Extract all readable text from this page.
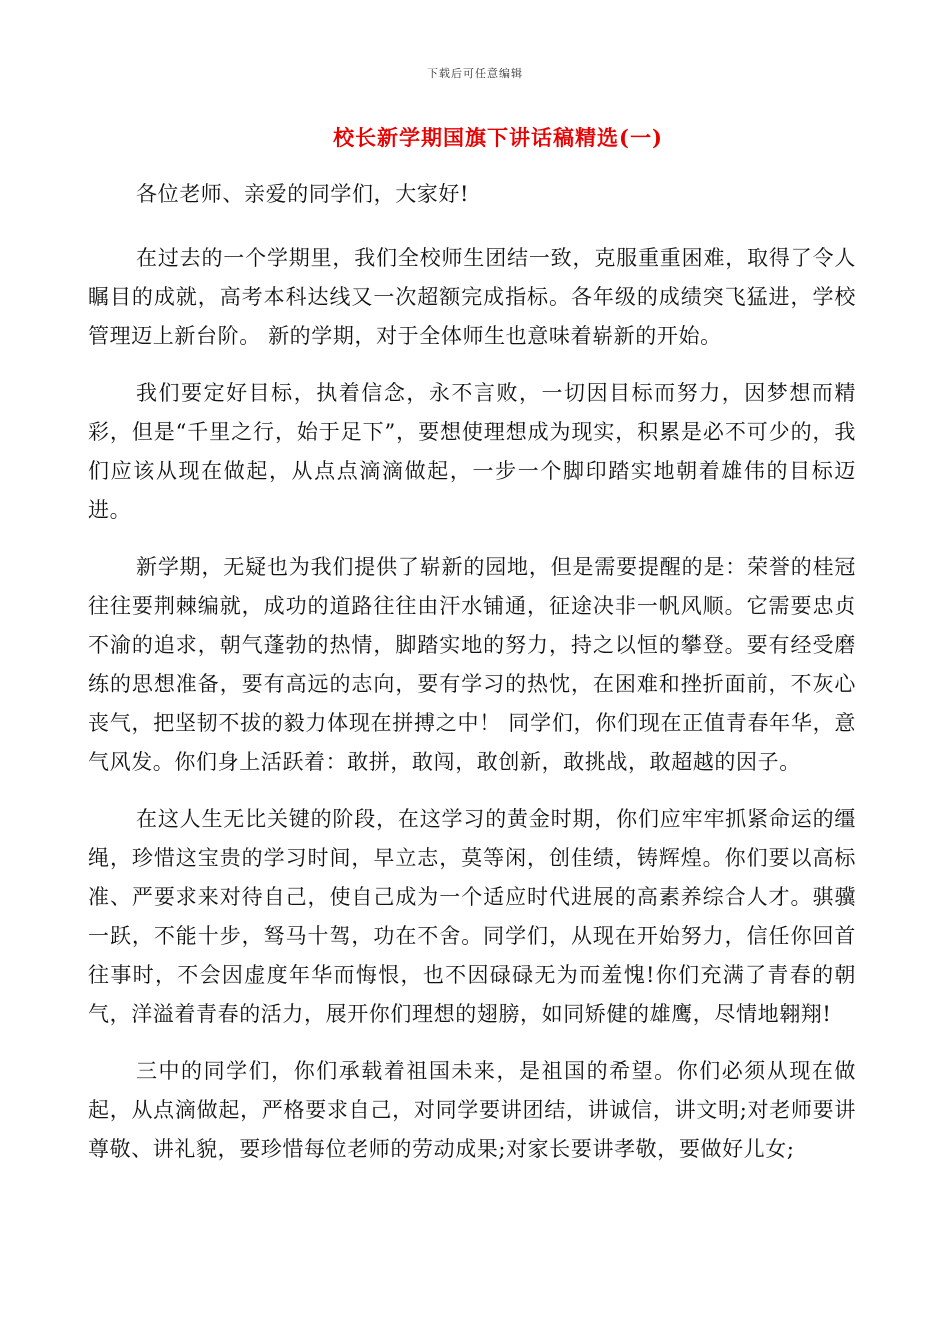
下载后可任意编辑
校长新学期国旗下讲话稿精选(一)

各位老师、亲爱的同学们，大家好!

在过去的一个学期里，我们全校师生团结一致，克服重重困难，取得了令人瞩目的成就，高考本科达线又一次超额完成指标。各年级的成绩突飞猛进，学校管理迈上新台阶。 新的学期，对于全体师生也意味着崭新的开始。

我们要定好目标，执着信念，永不言败，一切因目标而努力，因梦想而精彩，但是“千里之行，始于足下”，要想使理想成为现实，积累是必不可少的，我们应该从现在做起，从点点滴滴做起，一步一个脚印踏实地朝着雄伟的目标迈进。

新学期，无疑也为我们提供了崭新的园地，但是需要提醒的是：荣誉的桂冠往往要荆棘编就，成功的道路往往由汗水铺通，征途决非一帆风顺。它需要忠贞不渝的追求，朝气蓬勃的热情，脚踏实地的努力，持之以恒的攀登。要有经受磨练的思想准备，要有高远的志向，要有学习的热忱，在困难和挫折面前，不灰心丧气，把坚韧不拔的毅力体现在拼搏之中！ 同学们，你们现在正值青春年华，意气风发。你们身上活跃着：敢拼，敢闯，敢创新，敢挑战，敢超越的因子。

在这人生无比关键的阶段，在这学习的黄金时期，你们应牢牢抓紧命运的缰绳，珍惜这宝贵的学习时间，早立志，莫等闲，创佳绩，铸辉煌。你们要以高标准、严要求来对待自己，使自己成为一个适应时代进展的高素养综合人才。骐骥一跃，不能十步，驽马十驾，功在不舍。同学们，从现在开始努力，信任你回首往事时，不会因虚度年华而悔恨，也不因碌碌无为而羞愧!你们充满了青春的朝气，洋溢着青春的活力，展开你们理想的翅膀，如同矫健的雄鹰，尽情地翱翔!

三中的同学们，你们承载着祖国未来，是祖国的希望。你们必须从现在做起，从点滴做起，严格要求自己，对同学要讲团结，讲诚信，讲文明;对老师要讲尊敬、讲礼貌，要珍惜每位老师的劳动成果;对家长要讲孝敬，要做好儿女;
